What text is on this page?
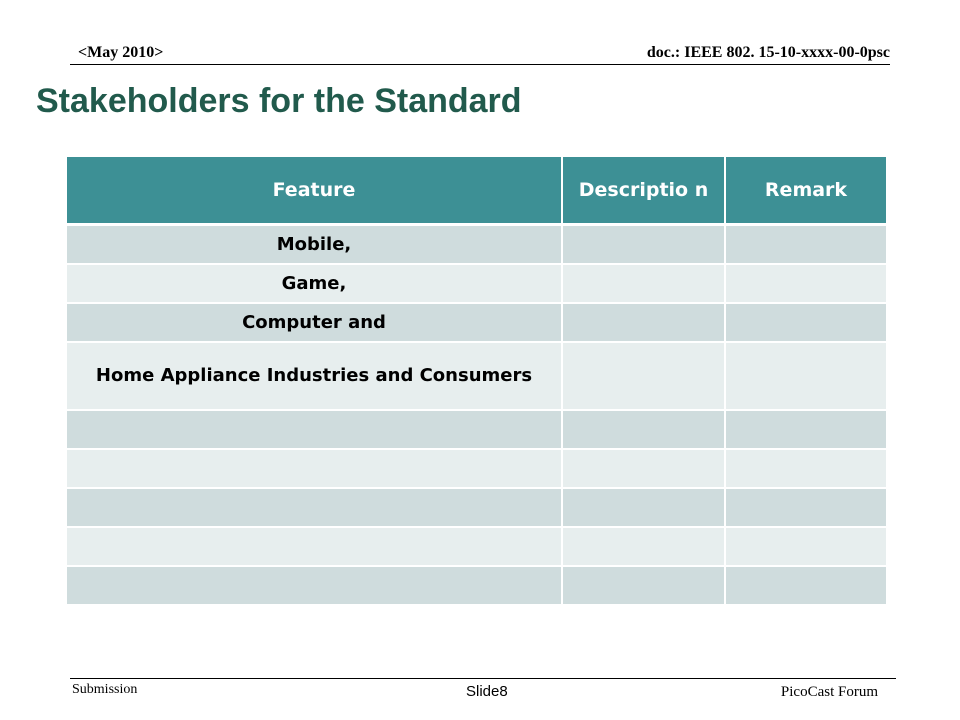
<May 2010>	doc.: IEEE 802. 15-10-xxxx-00-0psc
Stakeholders for the Standard
Feature	Descriptio n	Remark
Mobile,		
Game,		
Computer and		
Home Appliance Industries and Consumers		

Submission	Slide8	PicoCast Forum
